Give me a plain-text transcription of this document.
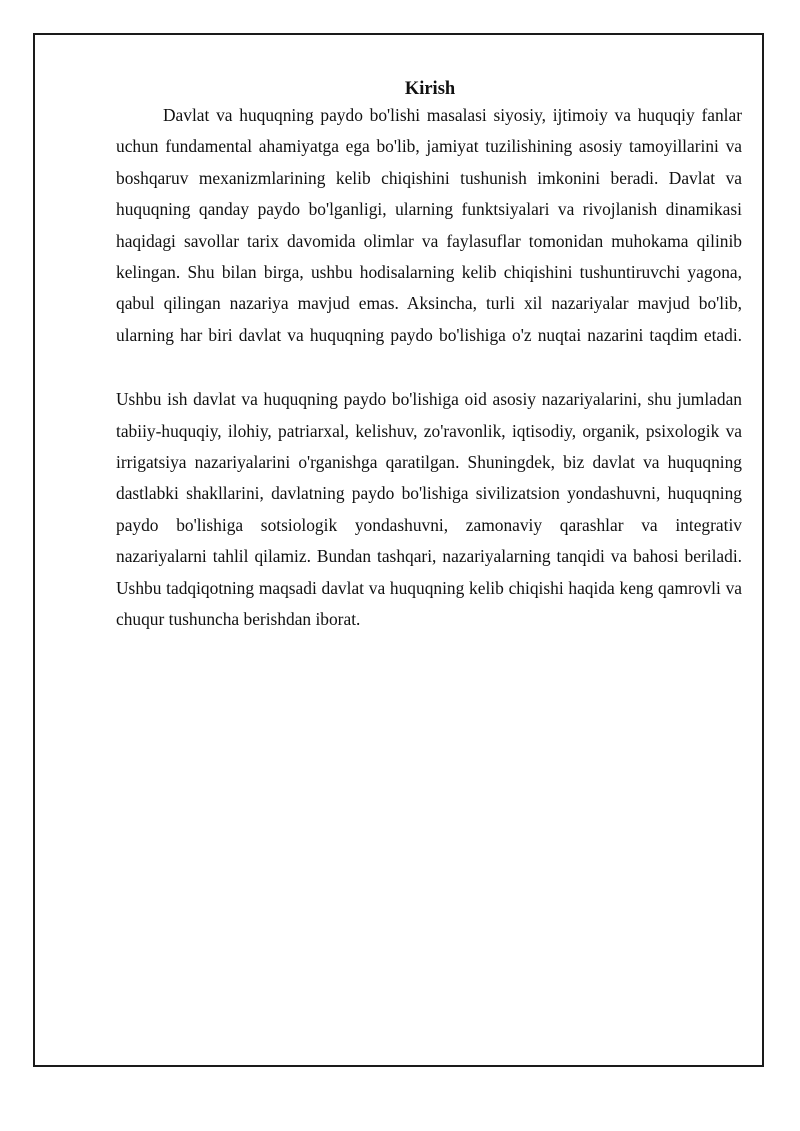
Kirish

Davlat va huquqning paydo bo'lishi masalasi siyosiy, ijtimoiy va huquqiy fanlar uchun fundamental ahamiyatga ega bo'lib, jamiyat tuzilishining asosiy tamoyillarini va boshqaruv mexanizmlarining kelib chiqishini tushunish imkonini beradi. Davlat va huquqning qanday paydo bo'lganligi, ularning funktsiyalari va rivojlanish dinamikasi haqidagi savollar tarix davomida olimlar va faylasuflar tomonidan muhokama qilinib kelingan. Shu bilan birga, ushbu hodisalarning kelib chiqishini tushuntiruvchi yagona, qabul qilingan nazariya mavjud emas. Aksincha, turli xil nazariyalar mavjud bo'lib, ularning har biri davlat va huquqning paydo bo'lishiga o'z nuqtai nazarini taqdim etadi.

Ushbu ish davlat va huquqning paydo bo'lishiga oid asosiy nazariyalarini, shu jumladan tabiiy-huquqiy, ilohiy, patriarxal, kelishuv, zo'ravonlik, iqtisodiy, organik, psixologik va irrigatsiya nazariyalarini o'rganishga qaratilgan. Shuningdek, biz davlat va huquqning dastlabki shakllarini, davlatning paydo bo'lishiga sivilizatsion yondashuvni, huquqning paydo bo'lishiga sotsiologik yondashuvni, zamonaviy qarashlar va integrativ nazariyalarni tahlil qilamiz. Bundan tashqari, nazariyalarning tanqidi va bahosi beriladi. Ushbu tadqiqotning maqsadi davlat va huquqning kelib chiqishi haqida keng qamrovli va chuqur tushuncha berishdan iborat.
